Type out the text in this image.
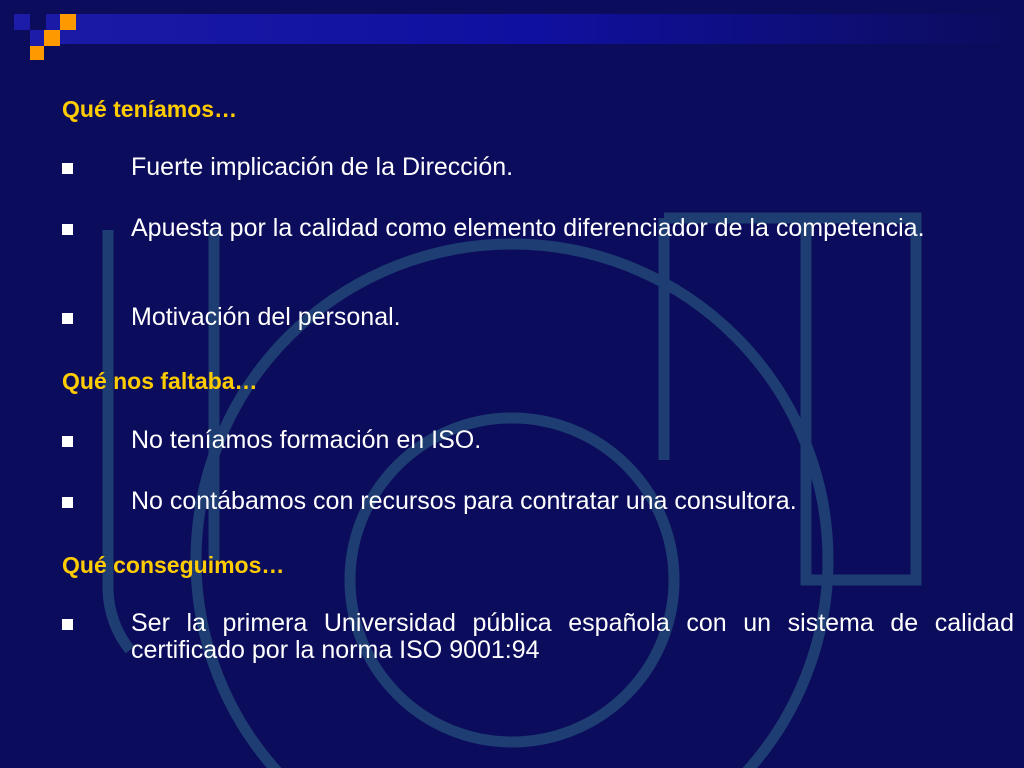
Qué teníamos…
Fuerte implicación de la Dirección.
Apuesta por la calidad como elemento diferenciador de la competencia.
Motivación del personal.
Qué nos faltaba…
No teníamos formación en ISO.
No contábamos con recursos para contratar una consultora.
Qué conseguimos…
Ser la primera Universidad pública española con un sistema de calidad certificado por la norma ISO 9001:94
